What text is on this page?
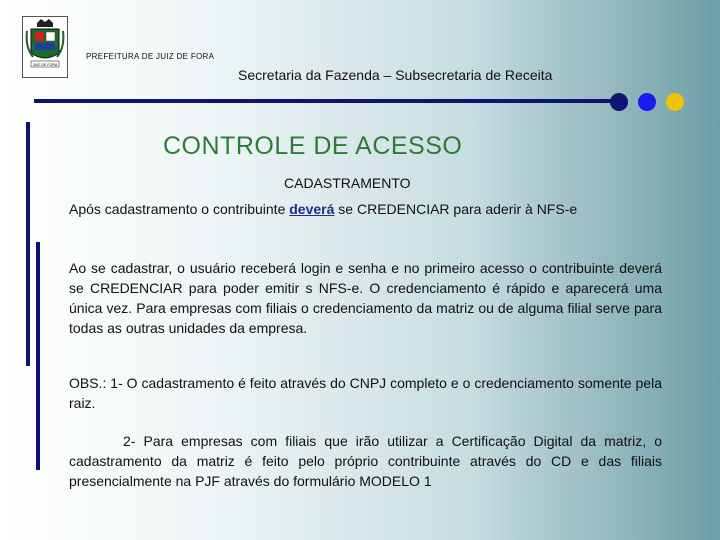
JUIZ DE FORA
PREFEITURA DE JUIZ DE FORA
Secretaria da Fazenda – Subsecretaria de Receita
CONTROLE DE ACESSO
CADASTRAMENTO

Após cadastramento o contribuinte deverá se CREDENCIAR para aderir à NFS-e

Ao se cadastrar, o usuário receberá login e senha e no primeiro acesso o contribuinte deverá se CREDENCIAR para poder emitir s NFS-e. O credenciamento é rápido e aparecerá uma única vez. Para empresas com filiais o credenciamento da matriz ou de alguma filial serve para todas as outras unidades da empresa.

OBS.: 1- O cadastramento é feito através do CNPJ completo e o credenciamento somente pela raiz.

2- Para empresas com filiais que irão utilizar a Certificação Digital da matriz, o cadastramento da matriz é feito pelo próprio contribuinte através do CD e das filiais presencialmente na PJF através do formulário MODELO 1
